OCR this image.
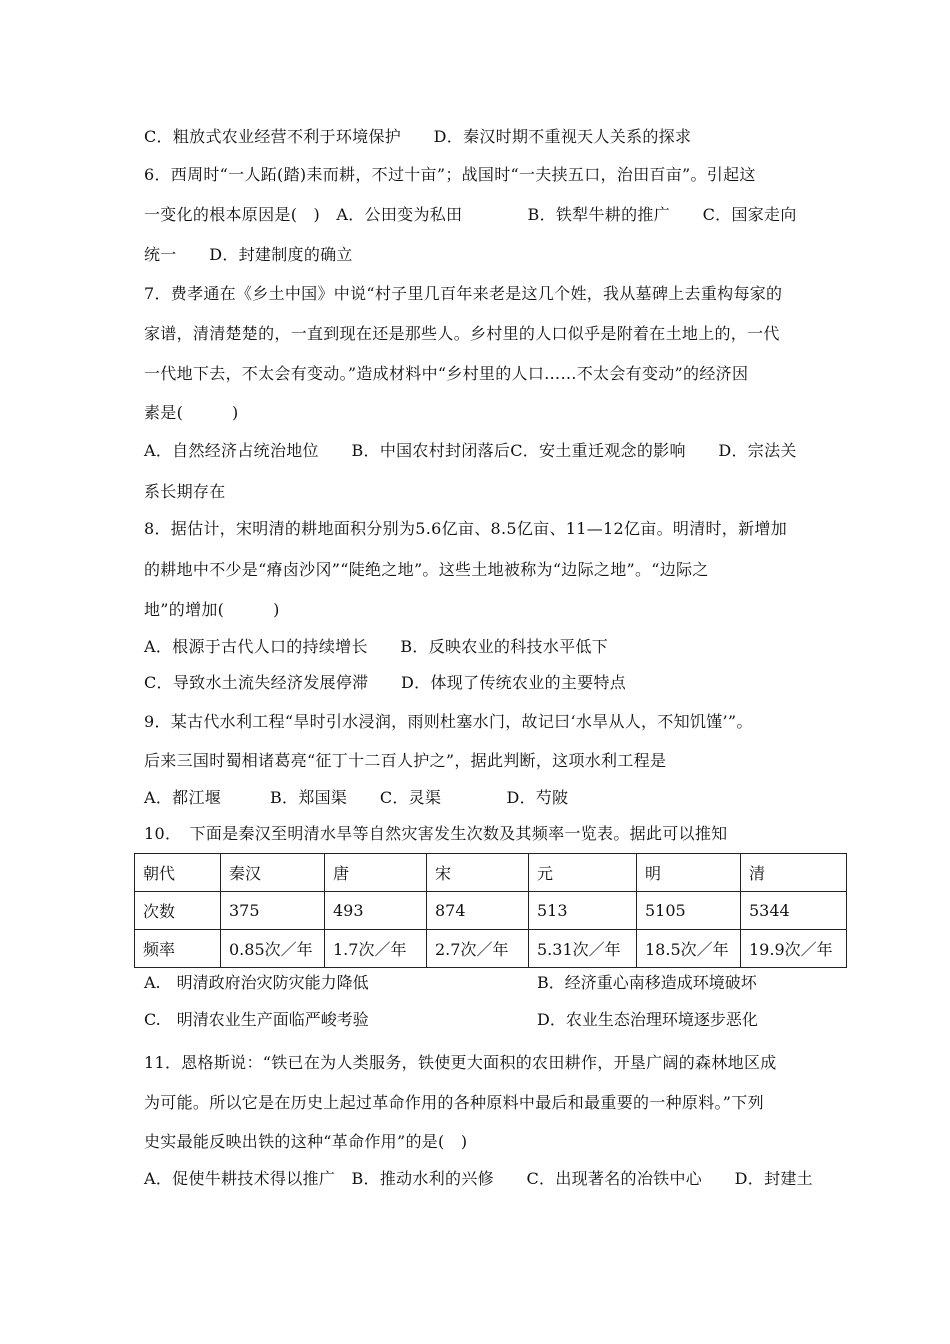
C．粗放式农业经营不利于环境保护　　D．秦汉时期不重视天人关系的探求
6．西周时“一人跖(踏)耒而耕，不过十亩”；战国时“一夫挟五口，治田百亩”。引起这
一变化的根本原因是(　)　A．公田变为私田　　　　B．铁犁牛耕的推广　　C．国家走向
统一　　D．封建制度的确立
7．费孝通在《乡土中国》中说“村子里几百年来老是这几个姓，我从墓碑上去重构每家的
家谱，清清楚楚的，一直到现在还是那些人。乡村里的人口似乎是附着在土地上的，一代
一代地下去，不太会有变动。”造成材料中“乡村里的人口……不太会有变动”的经济因
素是(　　　)
A．自然经济占统治地位　　B．中国农村封闭落后C．安土重迁观念的影响　　D．宗法关
系长期存在
8．据估计，宋明清的耕地面积分别为5.6亿亩、8.5亿亩、11—12亿亩。明清时，新增加
的耕地中不少是“瘠卤沙冈”“陡绝之地”。这些土地被称为“边际之地”。“边际之
地”的增加(　　　)
A．根源于古代人口的持续增长　　B．反映农业的科技水平低下
C．导致水土流失经济发展停滞　　D．体现了传统农业的主要特点
9．某古代水利工程“旱时引水浸润，雨则杜塞水门，故记曰‘水旱从人，不知饥馑’”。
后来三国时蜀相诸葛亮“征丁十二百人护之”，据此判断，这项水利工程是
A．都江堰　　　B．郑国渠　　C．灵渠　　　　D．芍陂
10．　下面是秦汉至明清水旱等自然灾害发生次数及其频率一览表。据此可以推知
朝代	秦汉	唐	宋	元	明	清
次数	375	493	874	513	5105	5344
频率	0.85次／年	1.7次／年	2.7次／年	5.31次／年	18.5次／年	19.9次／年
A.　明清政府治灾防灾能力降低	B．经济重心南移造成环境破坏
C.　明清农业生产面临严峻考验	D．农业生态治理环境逐步恶化
11．恩格斯说：“铁已在为人类服务，铁使更大面积的农田耕作，开垦广阔的森林地区成
为可能。所以它是在历史上起过革命作用的各种原料中最后和最重要的一种原料。”下列
史实最能反映出铁的这种“革命作用”的是(　)
A．促使牛耕技术得以推广　B．推动水利的兴修　　C．出现著名的冶铁中心　　D．封建土
